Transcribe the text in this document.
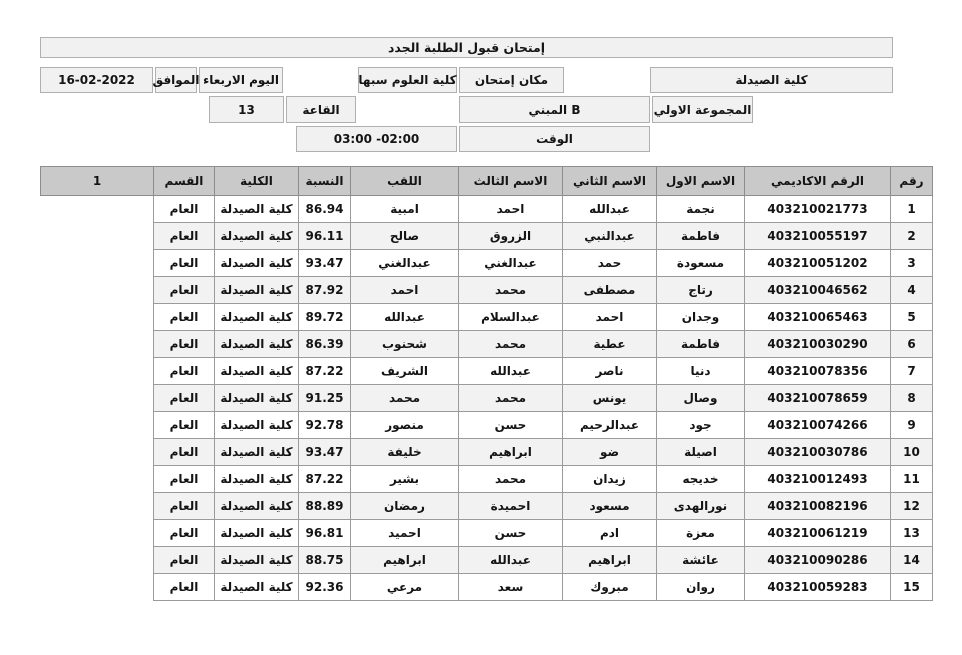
إمتحان قبول الطلبة الجدد
16-02-2022	الموافق اليوم الاربعاء	كلية العلوم سبها	مكان إمتحان	كلية الصيدلة
13	القاعة	المبني B	المجموعة الاولي
03:00 -02:00	الوقت
رقم	الرقم الاكاديمي	الاسم الاول	الاسم الثاني	الاسم الثالث	اللقب	النسبة	الكلية	القسم	1
1	403210021773	نجمة	عبدالله	احمد	امبية	86.94	كلية الصيدلة	العام	
2	403210055197	فاطمة	عبدالنبي	الزروق	صالح	96.11	كلية الصيدلة	العام	
3	403210051202	مسعودة	حمد	عبدالغني	عبدالغني	93.47	كلية الصيدلة	العام	
4	403210046562	رتاج	مصطفى	محمد	احمد	87.92	كلية الصيدلة	العام	
5	403210065463	وجدان	احمد	عبدالسلام	عبدالله	89.72	كلية الصيدلة	العام	
6	403210030290	فاطمة	عطية	محمد	شحنوب	86.39	كلية الصيدلة	العام	
7	403210078356	دنيا	ناصر	عبدالله	الشريف	87.22	كلية الصيدلة	العام	
8	403210078659	وصال	يونس	محمد	محمد	91.25	كلية الصيدلة	العام	
9	403210074266	جود	عبدالرحيم	حسن	منصور	92.78	كلية الصيدلة	العام	
10	403210030786	اصيلة	ضو	ابراهيم	خليفة	93.47	كلية الصيدلة	العام	
11	403210012493	خديجه	زيدان	محمد	بشير	87.22	كلية الصيدلة	العام	
12	403210082196	نورالهدى	مسعود	احميدة	رمضان	88.89	كلية الصيدلة	العام	
13	403210061219	معزة	ادم	حسن	احميد	96.81	كلية الصيدلة	العام	
14	403210090286	عائشة	ابراهيم	عبدالله	ابراهيم	88.75	كلية الصيدلة	العام	
15	403210059283	روان	مبروك	سعد	مرعي	92.36	كلية الصيدلة	العام	
